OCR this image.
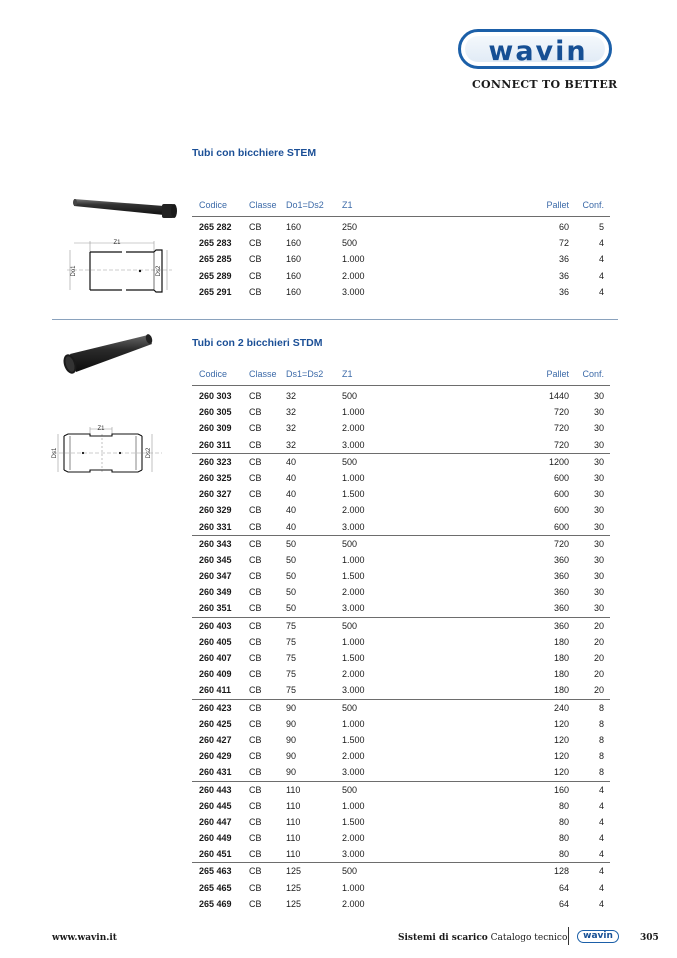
wavin
CONNECT TO BETTER
Tubi con bicchiere STEM
Z1
Do1	Ds2
Codice Classe Do1=Ds2 Z1	Pallet Conf.
265 282 CB	160	250	60	5
265 283 CB	160	500	72	4
265 285 CB	160	1.000	36	4
265 289 CB	160	2.000	36	4
265 291 CB	160	3.000	36	4
Tubi con 2 bicchieri STDM
Z1
Ds1	Ds2
Codice Classe Ds1=Ds2 Z1	Pallet Conf.
260 303 CB	32	500	1440	30
260 305 CB	32	1.000	720	30
260 309 CB	32	2.000	720	30
260 311 CB	32	3.000	720	30
260 323 CB	40	500	1200	30
260 325 CB	40	1.000	600	30
260 327 CB	40	1.500	600	30
260 329 CB	40	2.000	600	30
260 331 CB	40	3.000	600	30
260 343 CB	50	500	720	30
260 345 CB	50	1.000	360	30
260 347 CB	50	1.500	360	30
260 349 CB	50	2.000	360	30
260 351 CB	50	3.000	360	30
260 403 CB	75	500	360	20
260 405 CB	75	1.000	180	20
260 407 CB	75	1.500	180	20
260 409 CB	75	2.000	180	20
260 411 CB	75	3.000	180	20
260 423 CB	90	500	240	8
260 425 CB	90	1.000	120	8
260 427 CB	90	1.500	120	8
260 429 CB	90	2.000	120	8
260 431 CB	90	3.000	120	8
260 443 CB	110	500	160	4
260 445 CB	110	1.000	80	4
260 447 CB	110	1.500	80	4
260 449 CB	110	2.000	80	4
260 451 CB	110	3.000	80	4
265 463 CB	125	500	128	4
265 465 CB	125	1.000	64	4
265 469 CB	125	2.000	64	4
www.wavin.it	Sistemi di scarico Catalogo tecnico	wavin	305
